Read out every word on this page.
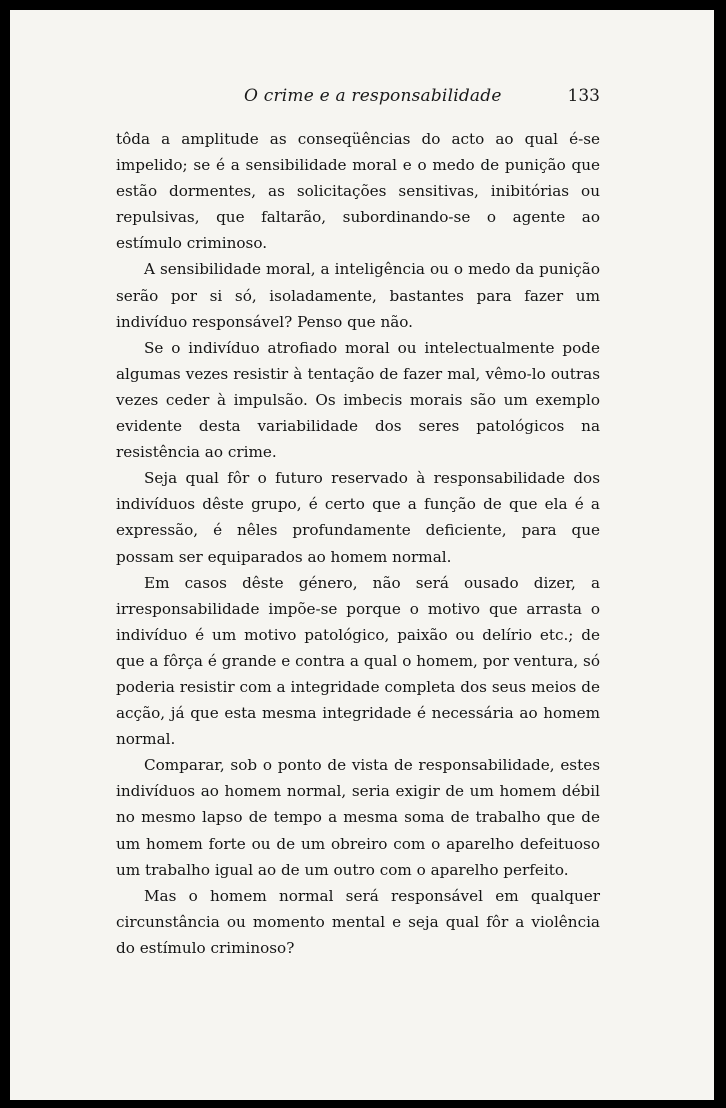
O crime e a responsabilidade	133

tôda a amplitude as conseqüências do acto ao qual é-se impelido; se é a sensibilidade moral e o medo de punição que estão dormentes, as solicitações sensitivas, inibitórias ou repulsivas, que faltarão, subordinando-se o agente ao estímulo criminoso.

A sensibilidade moral, a inteligência ou o medo da punição serão por si só, isoladamente, bastantes para fazer um indivíduo responsável? Penso que não.

Se o indivíduo atrofiado moral ou intelectualmente pode algumas vezes resistir à tentação de fazer mal, vêmo-lo outras vezes ceder à impulsão. Os imbecis morais são um exemplo evidente desta variabilidade dos seres patológicos na resistência ao crime.

Seja qual fôr o futuro reservado à responsabilidade dos indivíduos dêste grupo, é certo que a função de que ela é a expressão, é nêles profundamente deficiente, para que possam ser equiparados ao homem normal.

Em casos dêste género, não será ousado dizer, a irresponsabilidade impõe-se porque o motivo que arrasta o indivíduo é um motivo patológico, paixão ou delírio etc.; de que a fôrça é grande e contra a qual o homem, por ventura, só poderia resistir com a integridade completa dos seus meios de acção, já que esta mesma integridade é necessária ao homem normal.

Comparar, sob o ponto de vista de responsabilidade, estes indivíduos ao homem normal, seria exigir de um homem débil no mesmo lapso de tempo a mesma soma de trabalho que de um homem forte ou de um obreiro com o aparelho defeituoso um trabalho igual ao de um outro com o aparelho perfeito.

Mas o homem normal será responsável em qualquer circunstância ou momento mental e seja qual fôr a violência do estímulo criminoso?
